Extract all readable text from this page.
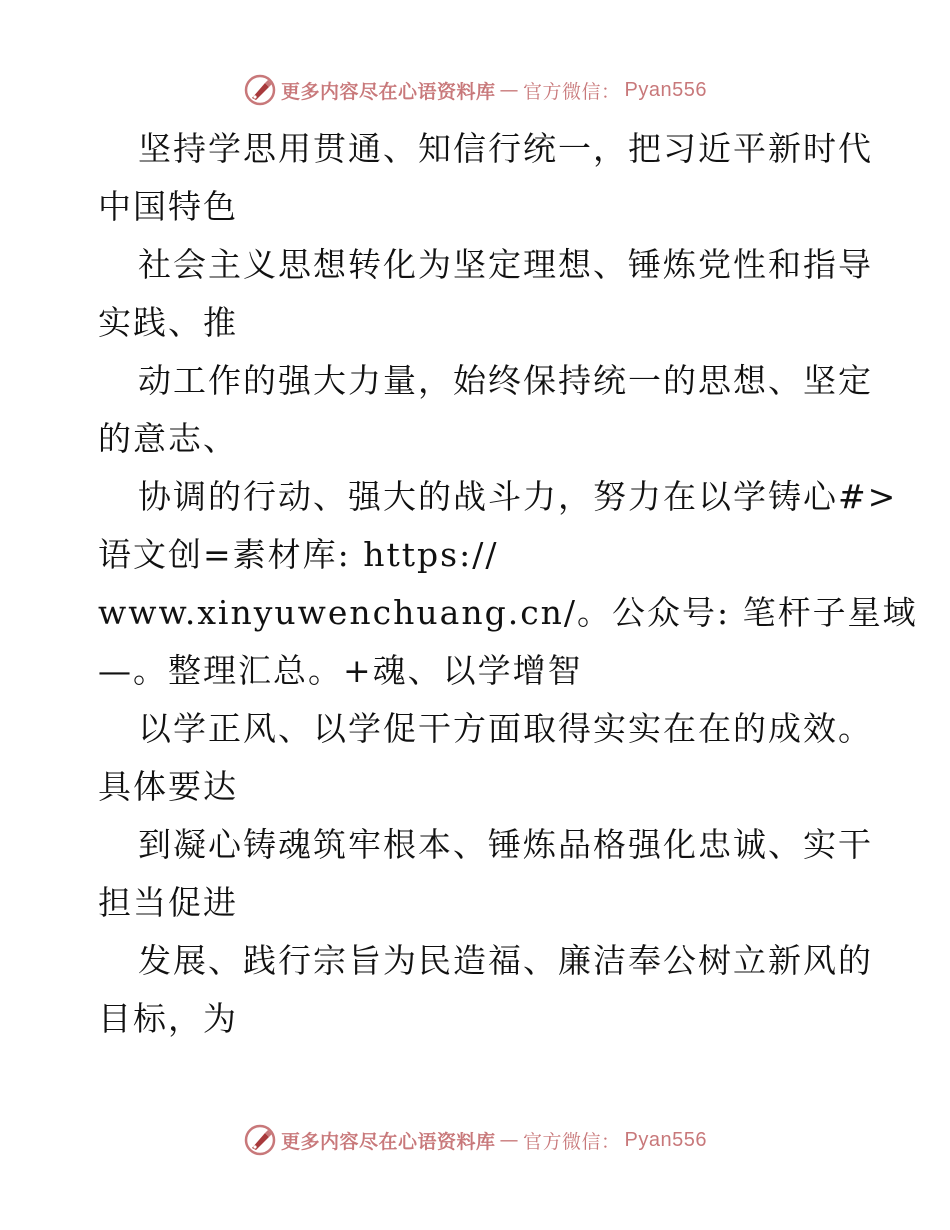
更多内容尽在心语资料库 — 官方微信： Pyan556
坚持学思用贯通、知信行统一，把习近平新时代
中国特色
社会主义思想转化为坚定理想、锤炼党性和指导
实践、推
动工作的强大力量，始终保持统一的思想、坚定
的意志、
协调的行动、强大的战斗力，努力在以学铸心#>
语文创=素材库: https://
www.xinyuwenchuang.cn/。公众号: 笔杆子星域
—。整理汇总。+魂、以学增智
以学正风、以学促干方面取得实实在在的成效。
具体要达
到凝心铸魂筑牢根本、锤炼品格强化忠诚、实干
担当促进
发展、践行宗旨为民造福、廉洁奉公树立新风的
目标，为
更多内容尽在心语资料库 — 官方微信： Pyan556
